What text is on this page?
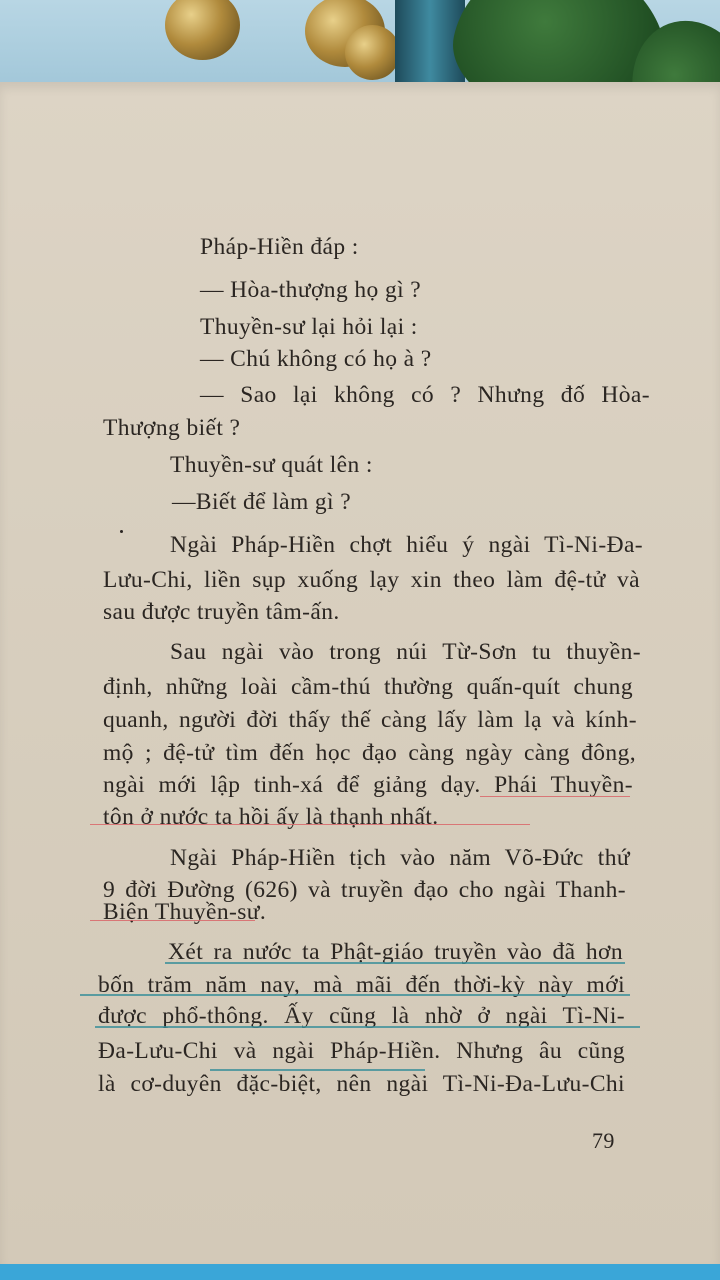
Pháp-Hiền đáp :
— Hòa-thượng họ gì ?
Thuyền-sư lại hỏi lại :
— Chú không có họ à ?
— Sao lại không có ? Nhưng đố Hòa-
Thượng biết ?
Thuyền-sư quát lên :
—Biết để làm gì ?
Ngài Pháp-Hiền chợt hiểu ý ngài Tì-Ni-Đa-
Lưu-Chi, liền sụp xuống lạy xin theo làm đệ-tử và
sau được truyền tâm-ấn.
Sau ngài vào trong núi Từ-Sơn tu thuyền-
định, những loài cầm-thú thường quấn-quít chung
quanh, người đời thấy thế càng lấy làm lạ và kính-
mộ ; đệ-tử tìm đến học đạo càng ngày càng đông,
ngài mới lập tinh-xá để giảng dạy. Phái Thuyền-
tôn ở nước ta hồi ấy là thạnh nhất.
Ngài Pháp-Hiền tịch vào năm Võ-Đức thứ
9 đời Đường (626) và truyền đạo cho ngài Thanh-
Biện Thuyền-sư.
Xét ra nước ta Phật-giáo truyền vào đã hơn
bốn trăm năm nay, mà mãi đến thời-kỳ này mới
được phổ-thông. Ấy cũng là nhờ ở ngài Tì-Ni-
Đa-Lưu-Chi và ngài Pháp-Hiền. Nhưng âu cũng
là cơ-duyên đặc-biệt, nên ngài Tì-Ni-Đa-Lưu-Chi
79
